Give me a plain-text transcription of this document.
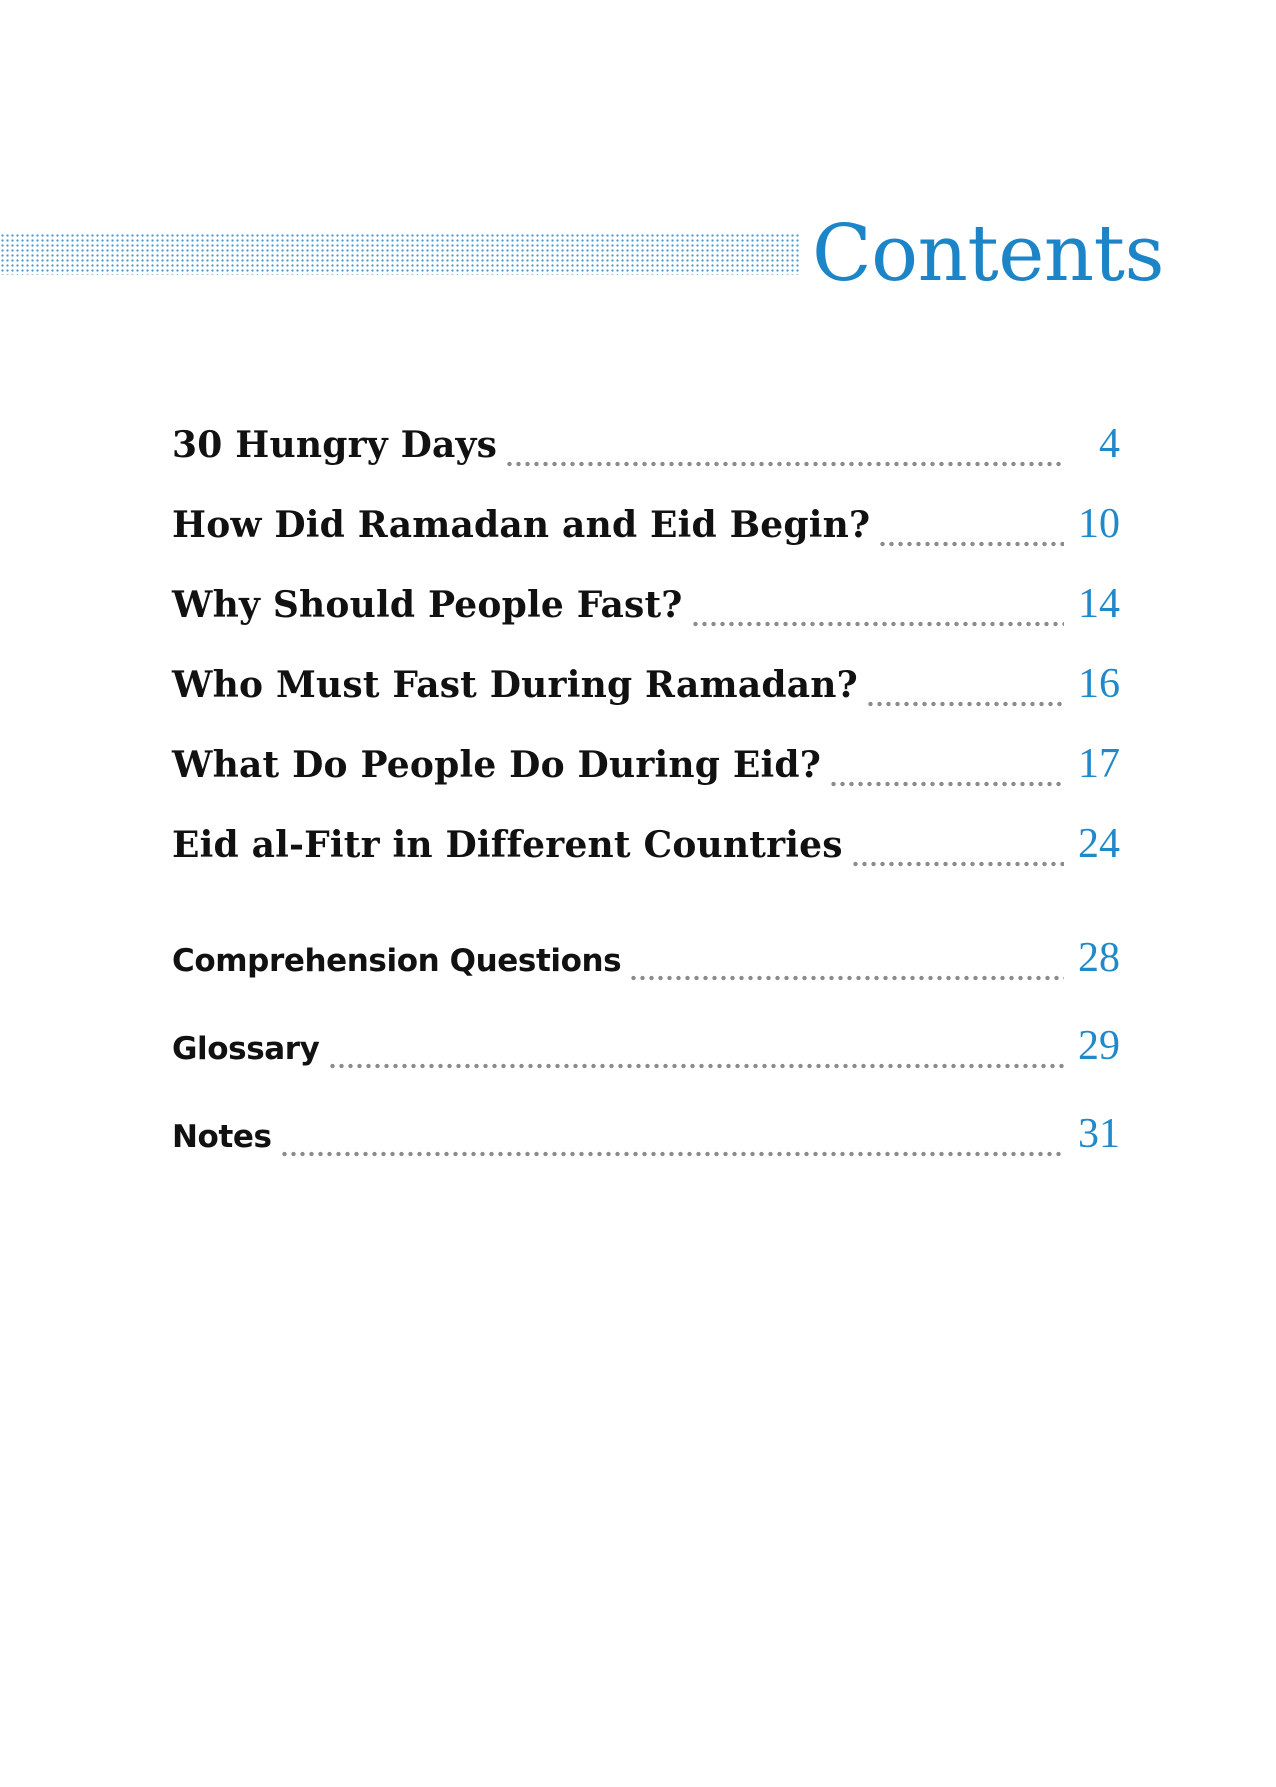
Contents
30 Hungry Days	4
How Did Ramadan and Eid Begin?	10
Why Should People Fast?	14
Who Must Fast During Ramadan?	16
What Do People Do During Eid?	17
Eid al-Fitr in Different Countries	24
Comprehension Questions	28
Glossary	29
Notes	31
